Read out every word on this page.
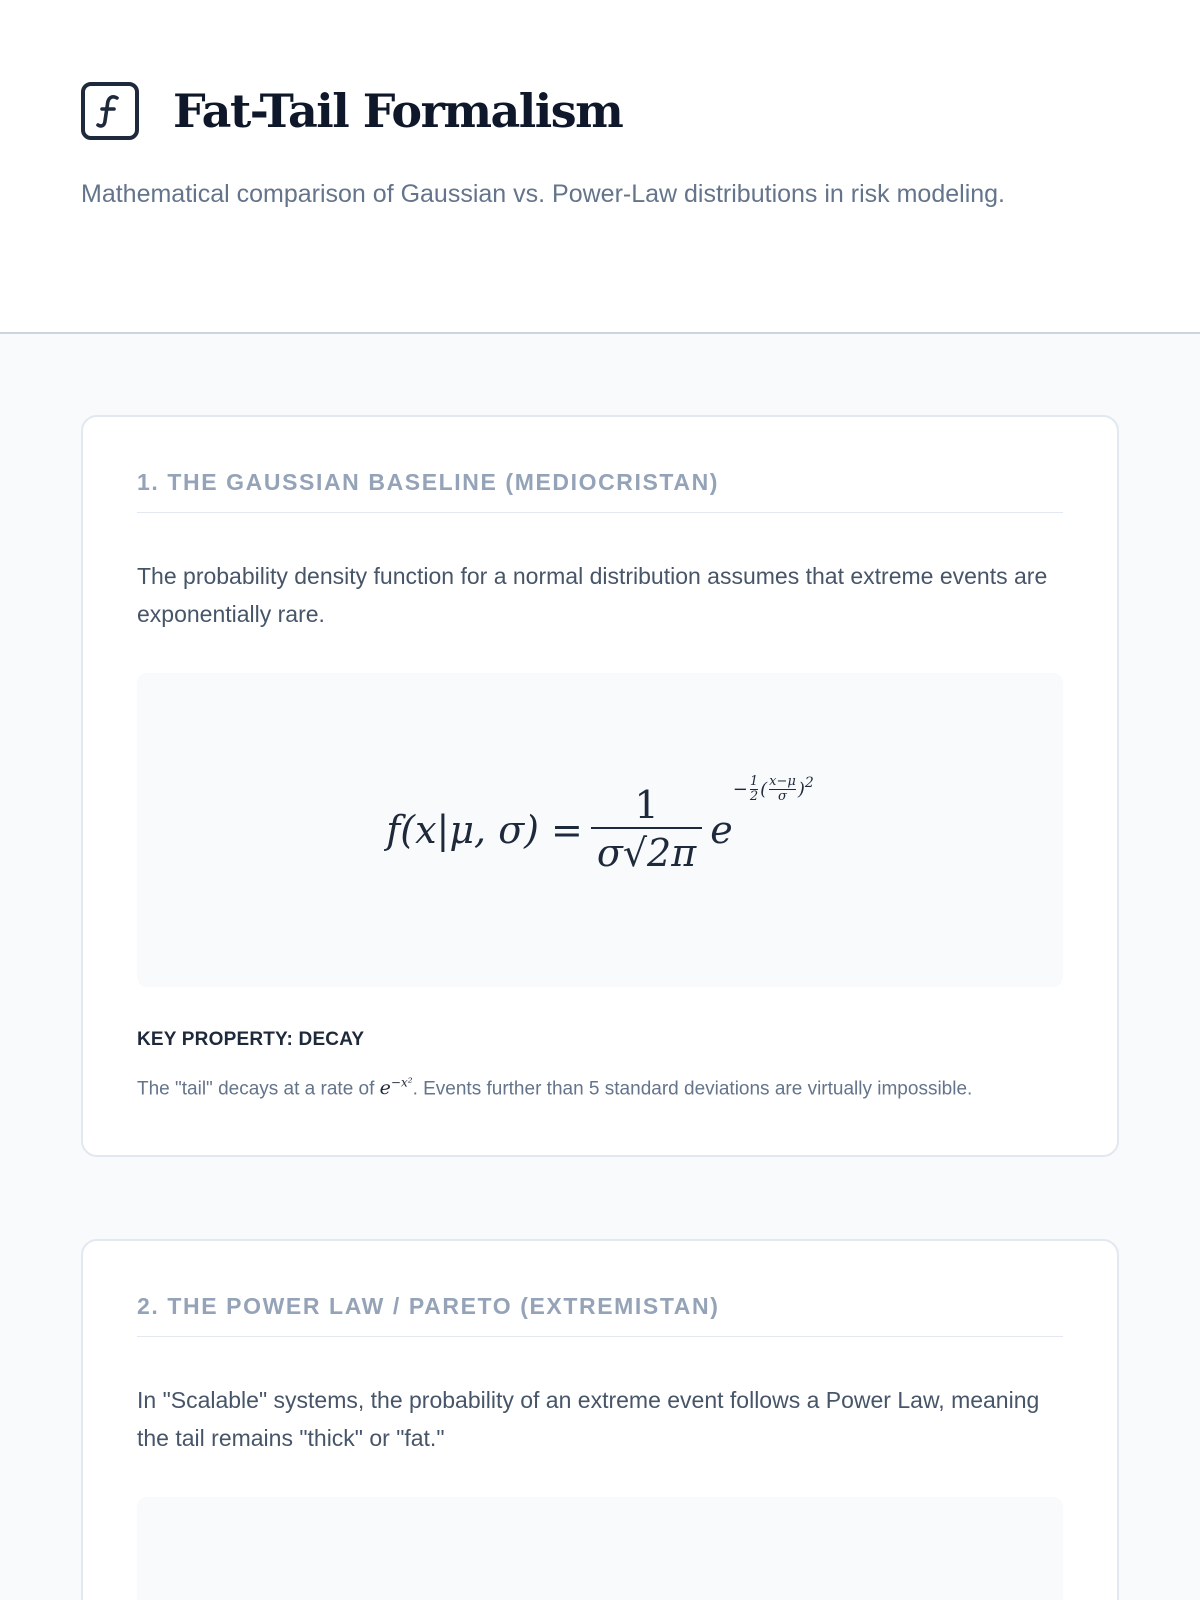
Fat-Tail Formalism

Mathematical comparison of Gaussian vs. Power-Law distributions in risk modeling.

1. THE GAUSSIAN BASELINE (MEDIOCRISTAN)

The probability density function for a normal distribution assumes that extreme events are exponentially rare.

f(x|μ, $\sigma) = \frac{1}{\sigma√2\pi}$ e
− $\frac{1}{2}$ ( $\frac{x-\mu}{\sigma} )^2$
KEY PROPERTY: DECAY

The "tail" decays at a rate of $e^{-x^2}$. Events further than 5 standard deviations are virtually impossible.

2. THE POWER LAW / PARETO (EXTREMISTAN)

In "Scalable" systems, the probability of an extreme event follows a Power Law, meaning the tail remains "thick" or "fat."
